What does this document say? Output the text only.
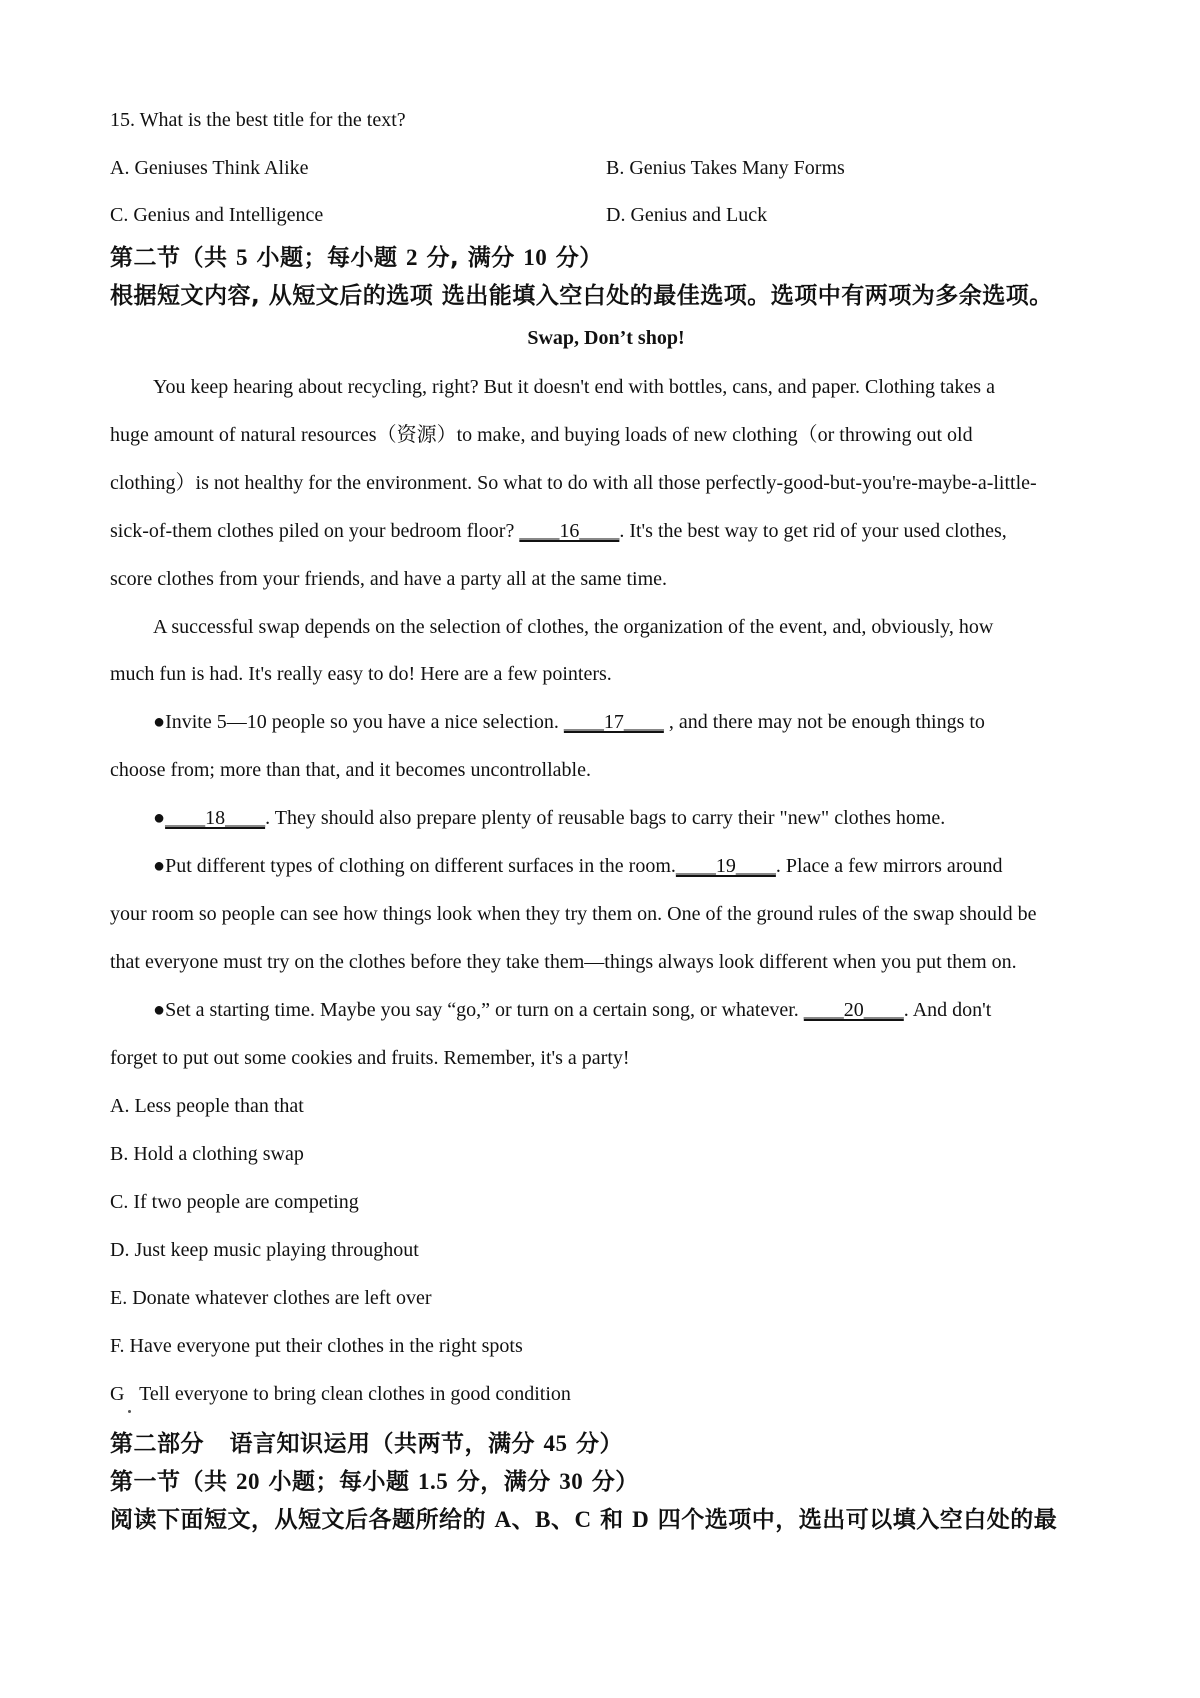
15. What is the best title for the text?
A. Geniuses Think Alike	B. Genius Takes Many Forms
C. Genius and Intelligence	D. Genius and Luck
第二节（共 5 小题；每小题 2 分, 满分 10 分）
根据短文内容, 从短文后的选项 选出能填入空白处的最佳选项。选项中有两项为多余选项。
Swap, Don’t shop!
You keep hearing about recycling, right? But it doesn't end with bottles, cans, and paper. Clothing takes a
huge amount of natural resources（资源）to make, and buying loads of new clothing（or throwing out old
clothing）is not healthy for the environment. So what to do with all those perfectly-good-but-you're-maybe-a-little-
sick-of-them clothes piled on your bedroom floor? ____16____. It's the best way to get rid of your used clothes,
score clothes from your friends, and have a party all at the same time.
A successful swap depends on the selection of clothes, the organization of the event, and, obviously, how
much fun is had. It's really easy to do! Here are a few pointers.
●Invite 5—10 people so you have a nice selection. ____17____ , and there may not be enough things to
choose from; more than that, and it becomes uncontrollable.
●____18____. They should also prepare plenty of reusable bags to carry their "new" clothes home.
●Put different types of clothing on different surfaces in the room.____19____. Place a few mirrors around
your room so people can see how things look when they try them on. One of the ground rules of the swap should be
that everyone must try on the clothes before they take them—things always look different when you put them on.
●Set a starting time. Maybe you say “go,” or turn on a certain song, or whatever. ____20____. And don't
forget to put out some cookies and fruits. Remember, it's a party!
A. Less people than that
B. Hold a clothing swap
C. If two people are competing
D. Just keep music playing throughout
E. Donate whatever clothes are left over
F. Have everyone put their clothes in the right spots
G   Tell everyone to bring clean clothes in good condition
第二部分   语言知识运用（共两节，满分 45 分）
第一节（共 20 小题；每小题 1.5 分，满分 30 分）
阅读下面短文，从短文后各题所给的 A、B、C 和 D 四个选项中，选出可以填入空白处的最
